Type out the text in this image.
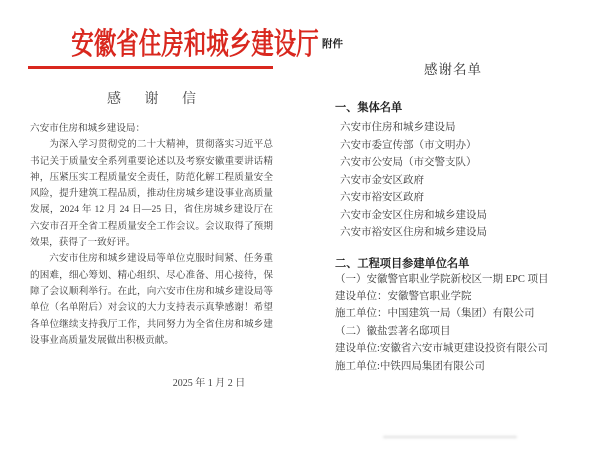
安徽省住房和城乡建设厅
感 谢 信

六安市住房和城乡建设局：

为深入学习贯彻党的二十大精神，贯彻落实习近平总书记关于质量安全系列重要论述以及考察安徽重要讲话精神，压紧压实工程质量安全责任，防范化解工程质量安全风险，提升建筑工程品质，推动住房城乡建设事业高质量发展，2024 年 12 月 24 日—25 日，省住房城乡建设厅在六安市召开全省工程质量安全工作会议。会议取得了预期效果，获得了一致好评。

六安市住房和城乡建设局等单位克服时间紧、任务重的困难，细心筹划、精心组织、尽心准备、用心接待，保障了会议顺利举行。在此，向六安市住房和城乡建设局等单位（名单附后）对会议的大力支持表示真挚感谢！希望各单位继续支持我厅工作，共同努力为全省住房和城乡建设事业高质量发展做出积极贡献。

2025 年 1 月 2 日
附件
感谢名单
一、集体名单
六安市住房和城乡建设局
六安市委宣传部（市文明办）
六安市公安局（市交警支队）
六安市金安区政府
六安市裕安区政府
六安市金安区住房和城乡建设局
六安市裕安区住房和城乡建设局
二、工程项目参建单位名单

（一）安徽警官职业学院新校区一期 EPC 项目

建设单位：安徽警官职业学院

施工单位：中国建筑一局（集团）有限公司

（二）徽盐雲著名邸项目

建设单位:安徽省六安市城更建设投资有限公司

施工单位:中铁四局集团有限公司
